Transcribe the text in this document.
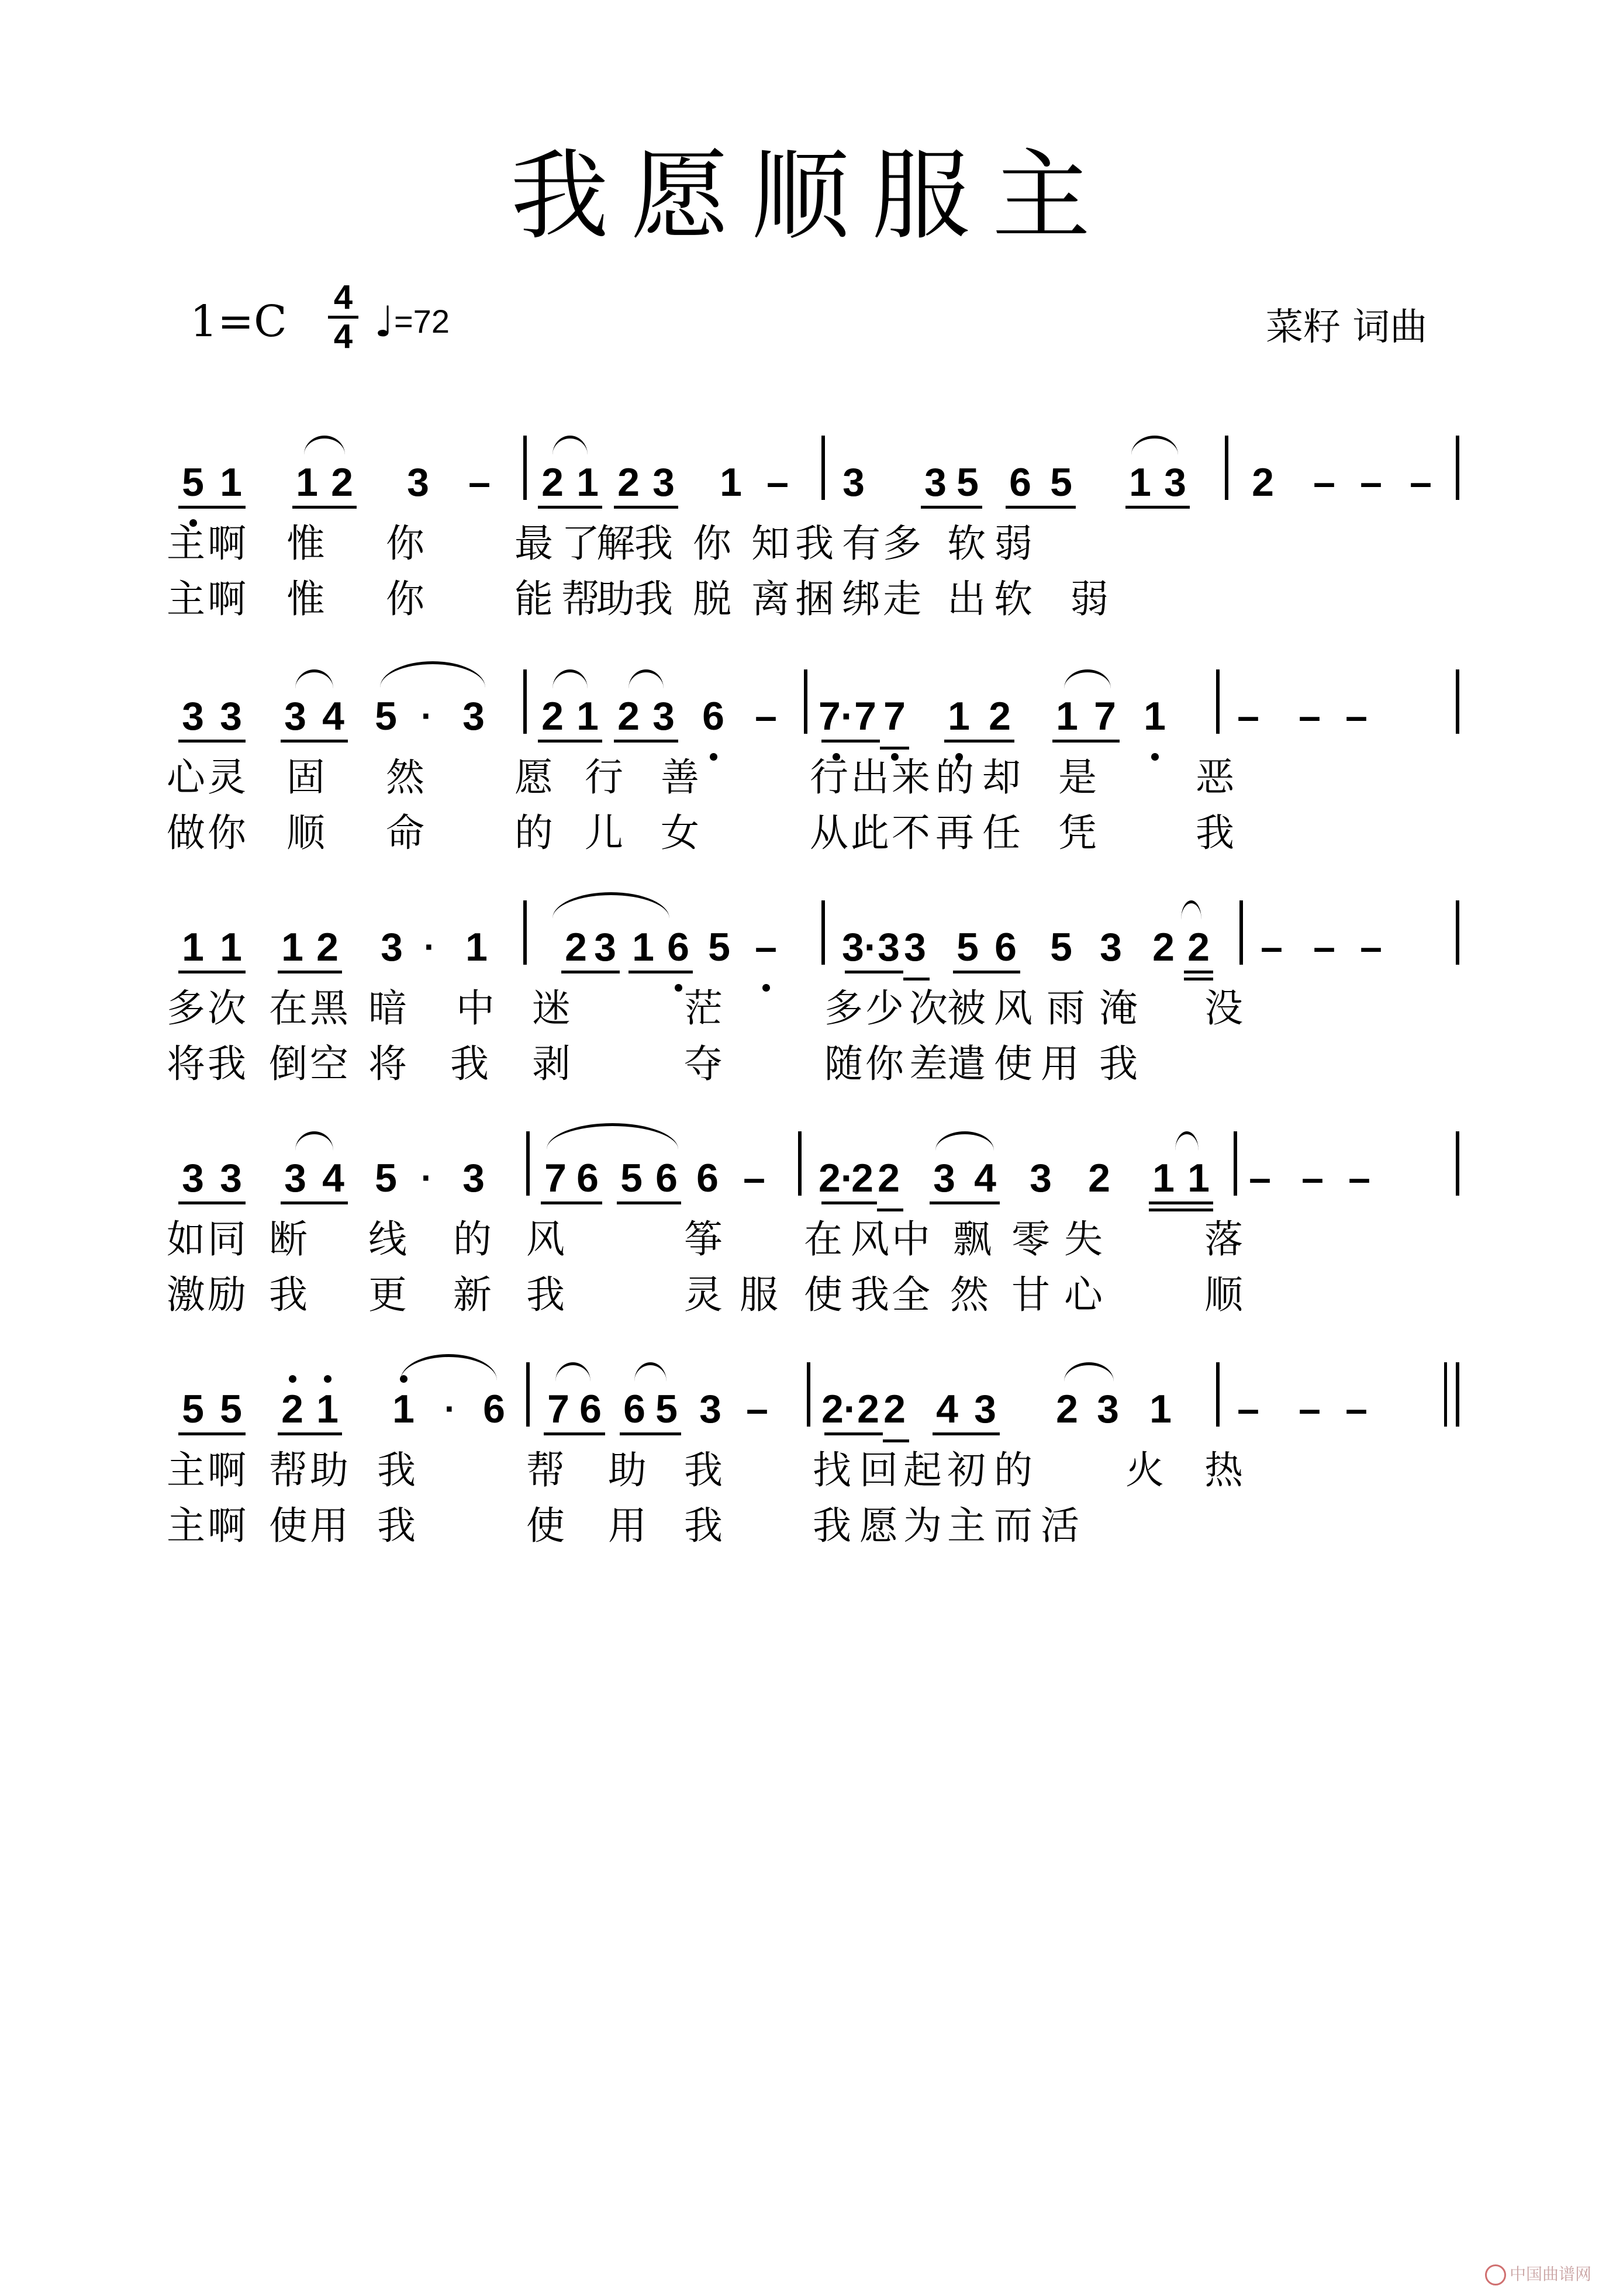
我愿顺服主
1=C 4
4 ♩=72	菜籽 词曲
5 1 1 2 3 – 2 1 2 3 1 – 3 3 5 6 5 1 3 2 – – –
主 啊 惟 你 最 了
解 我 你 知 我 有 多 软 弱
主 啊 惟 你 能 帮
助 我 脱 离 捆 绑 走 出 软 弱
3 3 3 4 5 · 3 2 1 2 3 6 – 7· 7 7 1 2 1 7 1 – – –
心 灵 固 然 愿 行 善	行 出 来 的 却 是	恶
做 你 顺 命 的 儿 女	从 此 不 再 任 凭	我
1 1 1 2 3 · 1 2 3 1 6 5 – 3· 3 3 5 6 5 3 2 2 – – –
多 次 在 黑 暗 中 迷	茫	多 少 次 被 风 雨 淹 没
将 我 倒 空 将 我 剥	夺	随 你 差 遣 使 用 我
3 3 3 4 5 · 3 7 6 5 6 6 – 2·
2 2 3 4 3 2 1 1 – – –
如 同 断 线 的 风	筝 在 风 中 飘 零 失	落
激 励 我 更 新 我	灵 使 我 全 然 甘 心	顺
服
5 5 2 1 1 · 6 7 6 6 5 3 – 2· 2 2 4 3 2 3 1 – – –
主 啊 帮 助 我	帮 助 我 找 回 起 初 的 火 热
主 啊 使 用 我	使 用 我 我 愿 为 主 而 活
中国曲谱网
